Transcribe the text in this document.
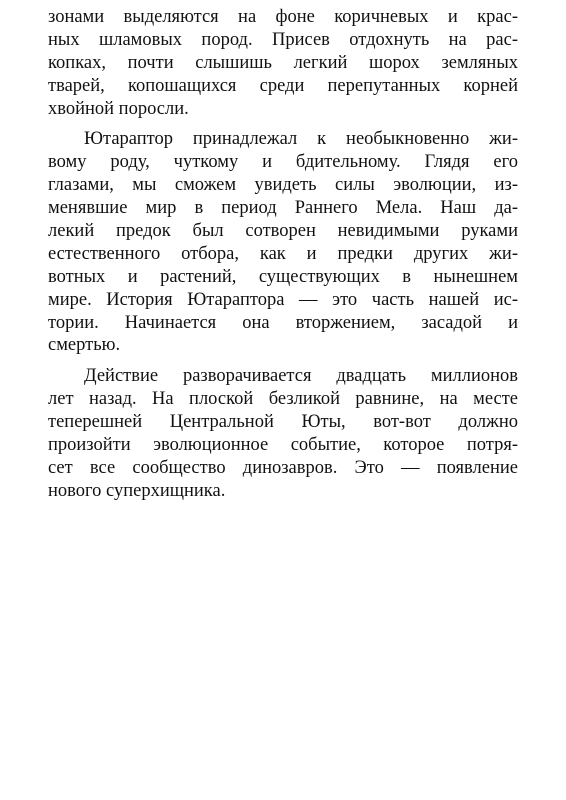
зонами выделяются на фоне коричневых и крас-
ных шламовых пород. Присев отдохнуть на рас-
копках, почти слышишь легкий шорох земляных
тварей, копошащихся среди перепутанных корней
хвойной поросли.
Ютараптор принадлежал к необыкновенно жи-
вому роду, чуткому и бдительному. Глядя его
глазами, мы сможем увидеть силы эволюции, из-
менявшие мир в период Раннего Мела. Наш да-
лекий предок был сотворен невидимыми руками
естественного отбора, как и предки других жи-
вотных и растений, существующих в нынешнем
мире. История Ютараптора — это часть нашей ис-
тории. Начинается она вторжением, засадой и
смертью.
Действие разворачивается двадцать миллионов
лет назад. На плоской безликой равнине, на месте
теперешней Центральной Юты, вот-вот должно
произойти эволюционное событие, которое потря-
сет все сообщество динозавров. Это — появление
нового суперхищника.
